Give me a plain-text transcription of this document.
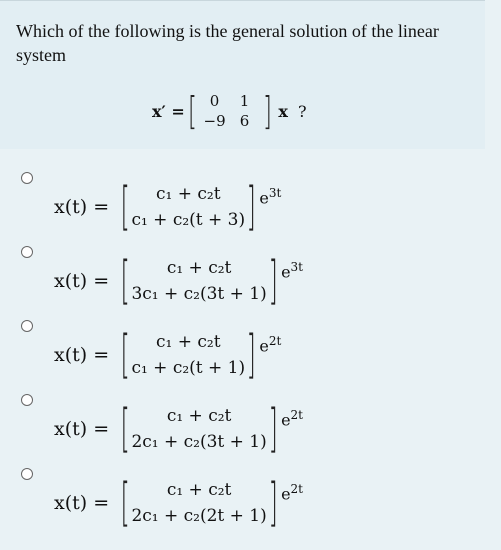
Which of the following is the general solution of the linear system
x′ = [ 0	1
−9 6 ] x ?
x(t) = [ c₁ + c₂t
c₁ + c₂(t + 3) ] $e^{3t}$
x(t) = [ c₁ + c₂t
3c₁ + c₂(3t + 1) ] $e^{3t}$
x(t) = [ c₁ + c₂t
c₁ + c₂(t + 1) ] $e^{2t}$
x(t) = [ c₁ + c₂t
2c₁ + c₂(3t + 1) ] $e^{2t}$
x(t) = [ c₁ + c₂t
2c₁ + c₂(2t + 1) ] $e^{2t}$
